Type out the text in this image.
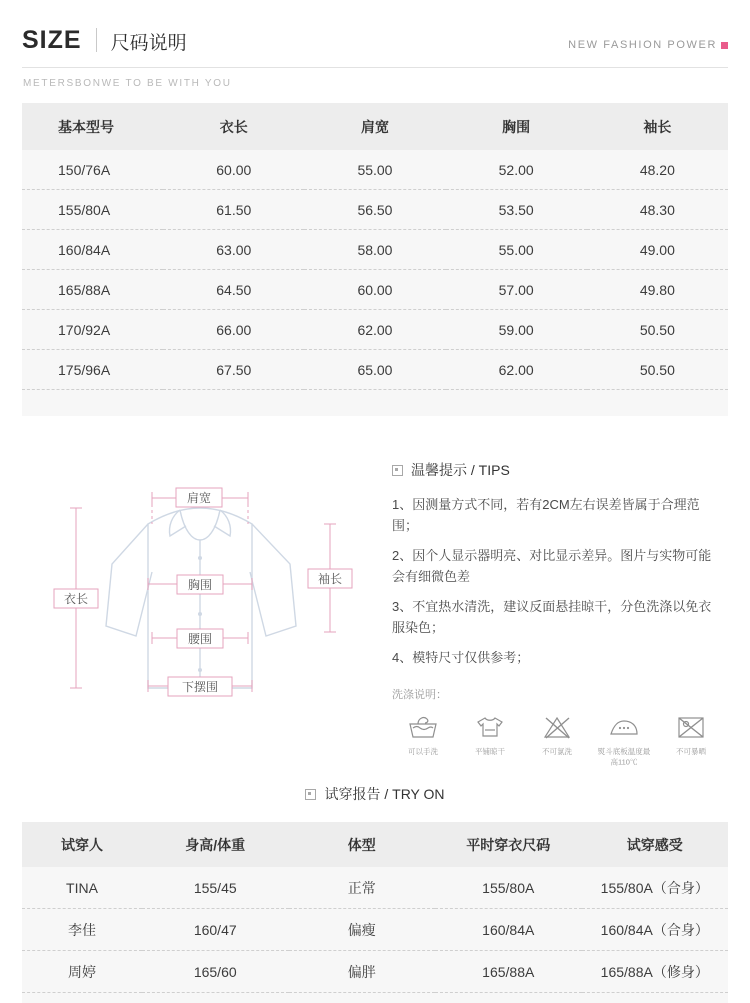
SIZE 尺码说明	NEW FASHION POWER
METERSBONWE TO BE WITH YOU
基本型号	衣长	肩宽	胸围	袖长
150/76A	60.00	55.00	52.00	48.20
155/80A	61.50	56.50	53.50	48.30
160/84A	63.00	58.00	55.00	49.00
165/88A	64.50	60.00	57.00	49.80
170/92A	66.00	62.00	59.00	50.50
175/96A	67.50	65.00	62.00	50.50
肩宽
衣长
胸围
腰围
下摆围
袖长
温馨提示 / TIPS

1、因测量方式不同，若有2CM左右误差皆属于合理范围；

2、因个人显示器明亮、对比显示差异。图片与实物可能会有细微色差

3、不宜热水清洗，建议反面悬挂晾干，分色洗涤以免衣服染色；

4、模特尺寸仅供参考；

洗涤说明：
可以手洗	平铺晾干	不可氯洗	熨斗底板温度最高110℃
不可暴晒
试穿报告 / TRY ON
试穿人	身高/体重	体型	平时穿衣尺码	试穿感受
TINA	155/45	正常	155/80A	155/80A（合身）
李佳	160/47	偏瘦	160/84A	160/84A（合身）
周婷	165/60	偏胖	165/88A	165/88A（修身）
